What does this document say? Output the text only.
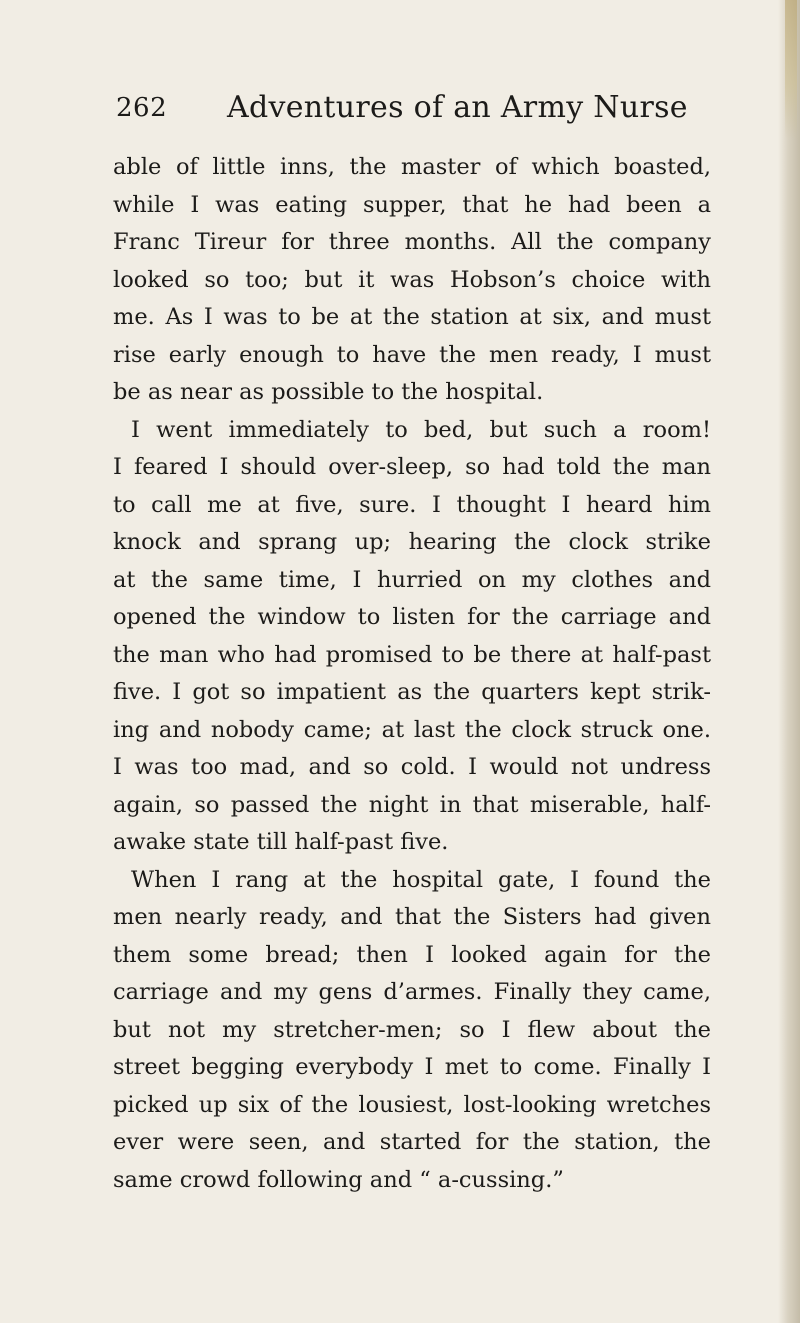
262 Adventures of an Army Nurse
able of little inns, the master of which boasted,
while I was eating supper, that he had been a
Franc Tireur for three months. All the company
looked so too; but it was Hobson’s choice with
me. As I was to be at the station at six, and must
rise early enough to have the men ready, I must
be as near as possible to the hospital.
I went immediately to bed, but such a room!
I feared I should over-sleep, so had told the man
to call me at five, sure. I thought I heard him
knock and sprang up; hearing the clock strike
at the same time, I hurried on my clothes and
opened the window to listen for the carriage and
the man who had promised to be there at half-past
five. I got so impatient as the quarters kept strik-
ing and nobody came; at last the clock struck one.
I was too mad, and so cold. I would not undress
again, so passed the night in that miserable, half-
awake state till half-past five.
When I rang at the hospital gate, I found the
men nearly ready, and that the Sisters had given
them some bread; then I looked again for the
carriage and my gens d’armes. Finally they came,
but not my stretcher-men; so I flew about the
street begging everybody I met to come. Finally I
picked up six of the lousiest, lost-looking wretches
ever were seen, and started for the station, the
same crowd following and “ a-cussing.”
